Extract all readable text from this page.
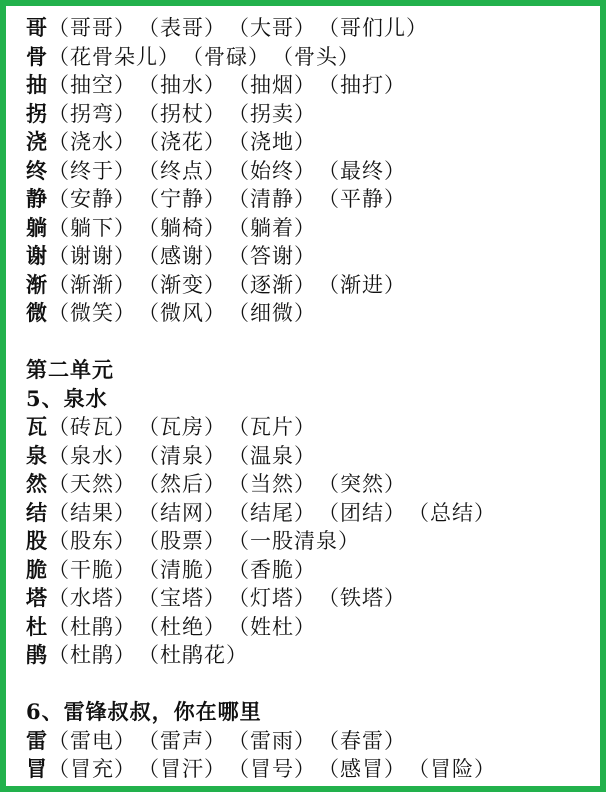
哥（哥哥）（表哥）（大哥）（哥们儿）
骨（花骨朵儿）（骨碌）（骨头）
抽（抽空）（抽水）（抽烟）（抽打）
拐（拐弯）（拐杖）（拐卖）
浇（浇水）（浇花）（浇地）
终（终于）（终点）（始终）（最终）
静（安静）（宁静）（清静）（平静）
躺（躺下）（躺椅）（躺着）
谢（谢谢）（感谢）（答谢）
渐（渐渐）（渐变）（逐渐）（渐进）
微（微笑）（微风）（细微）
第二单元
5、泉水
瓦（砖瓦）（瓦房）（瓦片）
泉（泉水）（清泉）（温泉）
然（天然）（然后）（当然）（突然）
结（结果）（结网）（结尾）（团结）（总结）
股（股东）（股票）（一股清泉）
脆（干脆）（清脆）（香脆）
塔（水塔）（宝塔）（灯塔）（铁塔）
杜（杜鹃）（杜绝）（姓杜）
鹃（杜鹃）（杜鹃花）
6、雷锋叔叔，你在哪里
雷（雷电）（雷声）（雷雨）（春雷）
冒（冒充）（冒汗）（冒号）（感冒）（冒险）
